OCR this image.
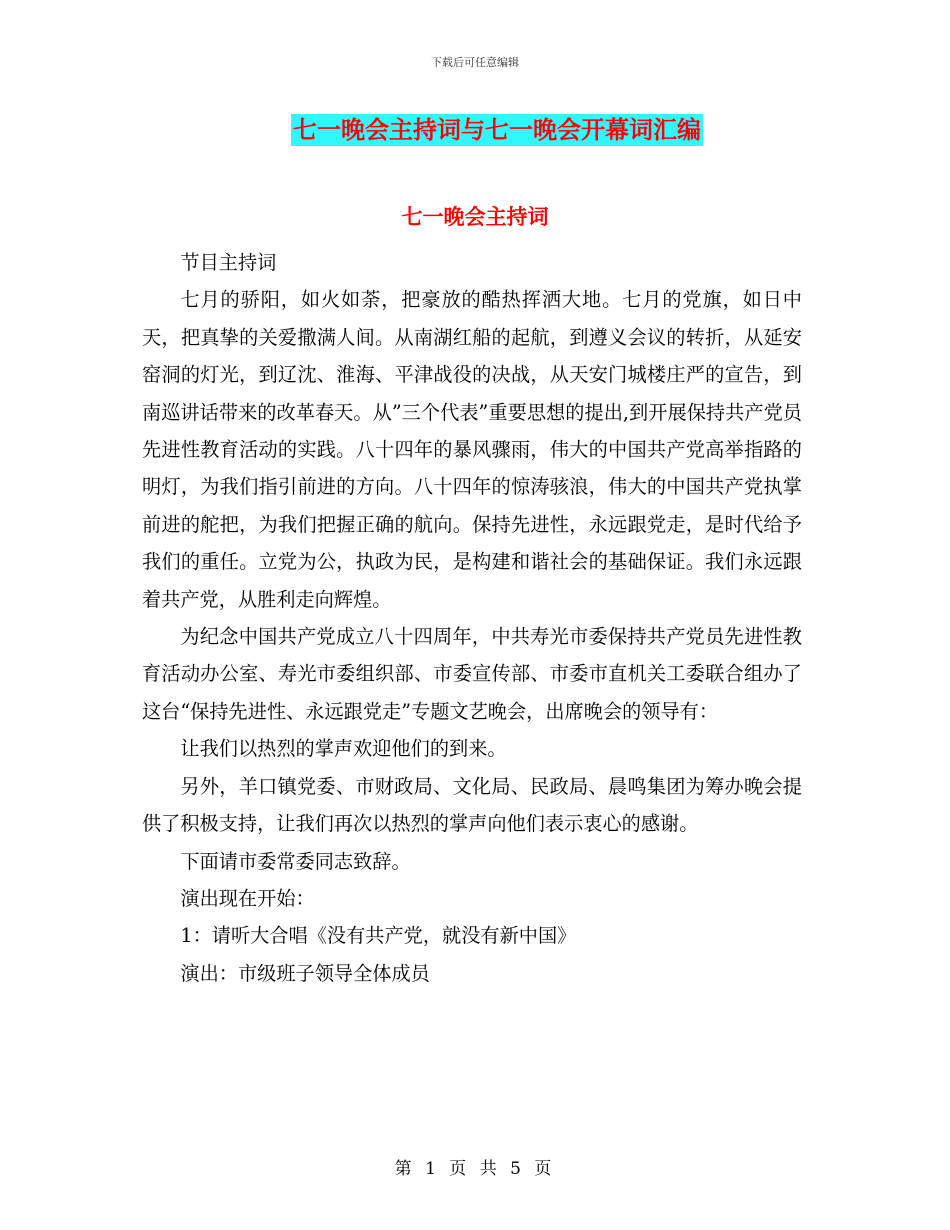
下载后可任意编辑
七一晚会主持词与七一晚会开幕词汇编
七一晚会主持词

节目主持词

七月的骄阳，如火如荼，把豪放的酷热挥洒大地。七月的党旗，如日中天，把真挚的关爱撒满人间。从南湖红船的起航，到遵义会议的转折，从延安窑洞的灯光，到辽沈、淮海、平津战役的决战，从天安门城楼庄严的宣告，到南巡讲话带来的改革春天。从”三个代表”重要思想的提出,到开展保持共产党员先进性教育活动的实践。八十四年的暴风骤雨，伟大的中国共产党高举指路的明灯，为我们指引前进的方向。八十四年的惊涛骇浪，伟大的中国共产党执掌前进的舵把，为我们把握正确的航向。保持先进性，永远跟党走，是时代给予我们的重任。立党为公，执政为民，是构建和谐社会的基础保证。我们永远跟着共产党，从胜利走向辉煌。

为纪念中国共产党成立八十四周年，中共寿光市委保持共产党员先进性教育活动办公室、寿光市委组织部、市委宣传部、市委市直机关工委联合组办了这台“保持先进性、永远跟党走”专题文艺晚会，出席晚会的领导有：

让我们以热烈的掌声欢迎他们的到来。

另外，羊口镇党委、市财政局、文化局、民政局、晨鸣集团为筹办晚会提供了积极支持，让我们再次以热烈的掌声向他们表示衷心的感谢。

下面请市委常委同志致辞。

演出现在开始：

1：请听大合唱《没有共产党，就没有新中国》

演出：市级班子领导全体成员

第 1 页 共 5 页
